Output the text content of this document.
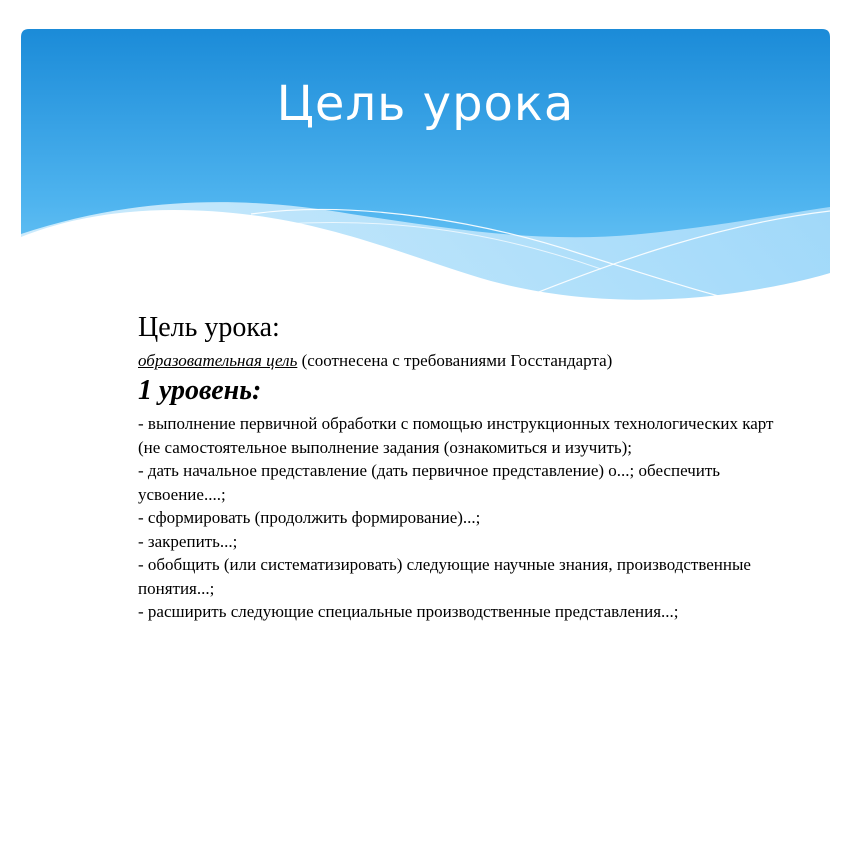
Цель урока

Цель урока:

образовательная цель (соотнесена с требованиями Госстандарта)

1 уровень:

- выполнение первичной обработки с помощью инструкционных технологических карт (не самостоятельное выполнение задания (ознакомиться и изучить);
- дать начальное представление (дать первичное представление) о...; обеспечить усвоение....;
- сформировать (продолжить формирование)...;
- закрепить...;
- обобщить (или систематизировать) следующие научные знания, производственные понятия...;
- расширить следующие специальные производственные представления...;
